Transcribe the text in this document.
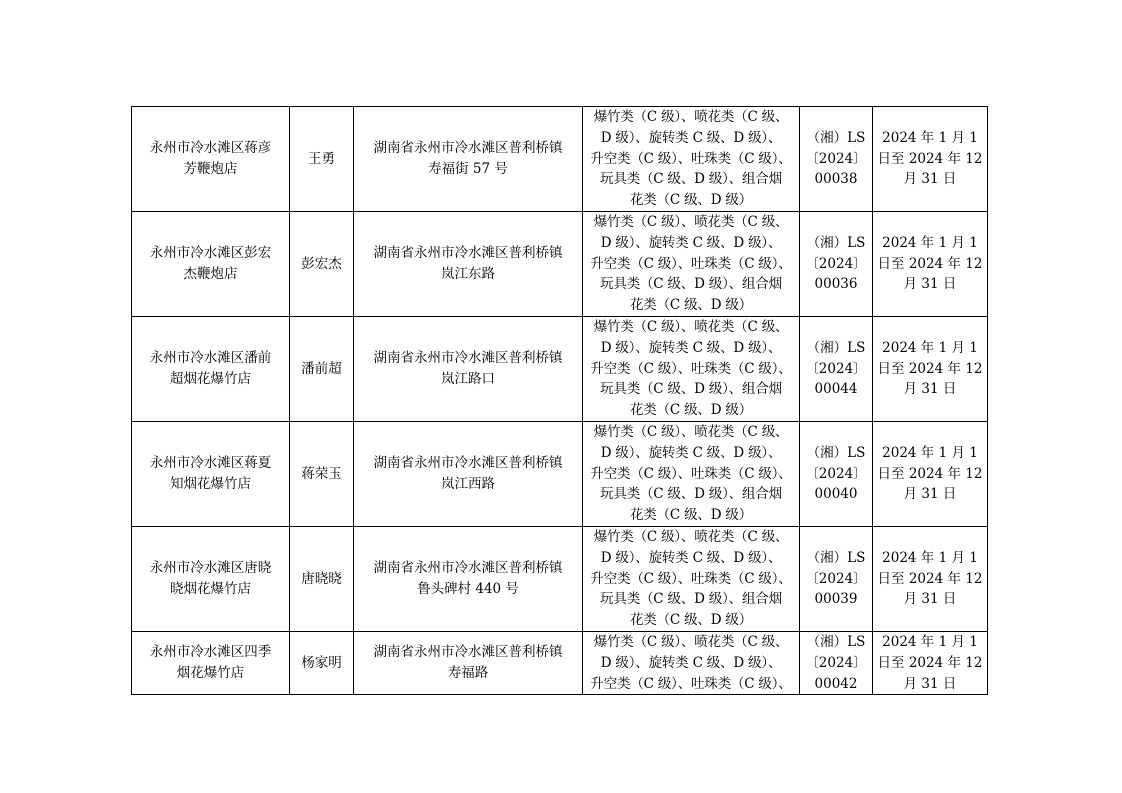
永州市冷水滩区蒋彦
芳鞭炮店	王勇	湖南省永州市冷水滩区普利桥镇
寿福街 57 号	爆竹类（C 级）、喷花类（C 级、
D 级）、旋转类 C 级、D 级）、
升空类（C 级）、吐珠类（C 级）、
玩具类（C 级、D 级）、组合烟
花类（C 级、D 级）	（湘）LS
〔2024〕
00038	2024 年 1 月 1
日至 2024 年 12
月 31 日

永州市冷水滩区彭宏
杰鞭炮店	彭宏杰	湖南省永州市冷水滩区普利桥镇
岚江东路	爆竹类（C 级）、喷花类（C 级、
D 级）、旋转类 C 级、D 级）、
升空类（C 级）、吐珠类（C 级）、
玩具类（C 级、D 级）、组合烟
花类（C 级、D 级）	（湘）LS
〔2024〕
00036	2024 年 1 月 1
日至 2024 年 12
月 31 日

永州市冷水滩区潘前
超烟花爆竹店	潘前超	湖南省永州市冷水滩区普利桥镇
岚江路口	爆竹类（C 级）、喷花类（C 级、
D 级）、旋转类 C 级、D 级）、
升空类（C 级）、吐珠类（C 级）、
玩具类（C 级、D 级）、组合烟
花类（C 级、D 级）	（湘）LS
〔2024〕
00044	2024 年 1 月 1
日至 2024 年 12
月 31 日

永州市冷水滩区蒋夏
知烟花爆竹店	蒋荣玉	湖南省永州市冷水滩区普利桥镇
岚江西路	爆竹类（C 级）、喷花类（C 级、
D 级）、旋转类 C 级、D 级）、
升空类（C 级）、吐珠类（C 级）、
玩具类（C 级、D 级）、组合烟
花类（C 级、D 级）	（湘）LS
〔2024〕
00040	2024 年 1 月 1
日至 2024 年 12
月 31 日

永州市冷水滩区唐晓
晓烟花爆竹店	唐晓晓	湖南省永州市冷水滩区普利桥镇
鲁头碑村 440 号	爆竹类（C 级）、喷花类（C 级、
D 级）、旋转类 C 级、D 级）、
升空类（C 级）、吐珠类（C 级）、
玩具类（C 级、D 级）、组合烟
花类（C 级、D 级）	（湘）LS
〔2024〕
00039	2024 年 1 月 1
日至 2024 年 12
月 31 日

永州市冷水滩区四季
烟花爆竹店	杨家明	湖南省永州市冷水滩区普利桥镇
寿福路	爆竹类（C 级）、喷花类（C 级、
D 级）、旋转类 C 级、D 级）、
升空类（C 级）、吐珠类（C 级）、	（湘）LS
〔2024〕
00042	2024 年 1 月 1
日至 2024 年 12
月 31 日
